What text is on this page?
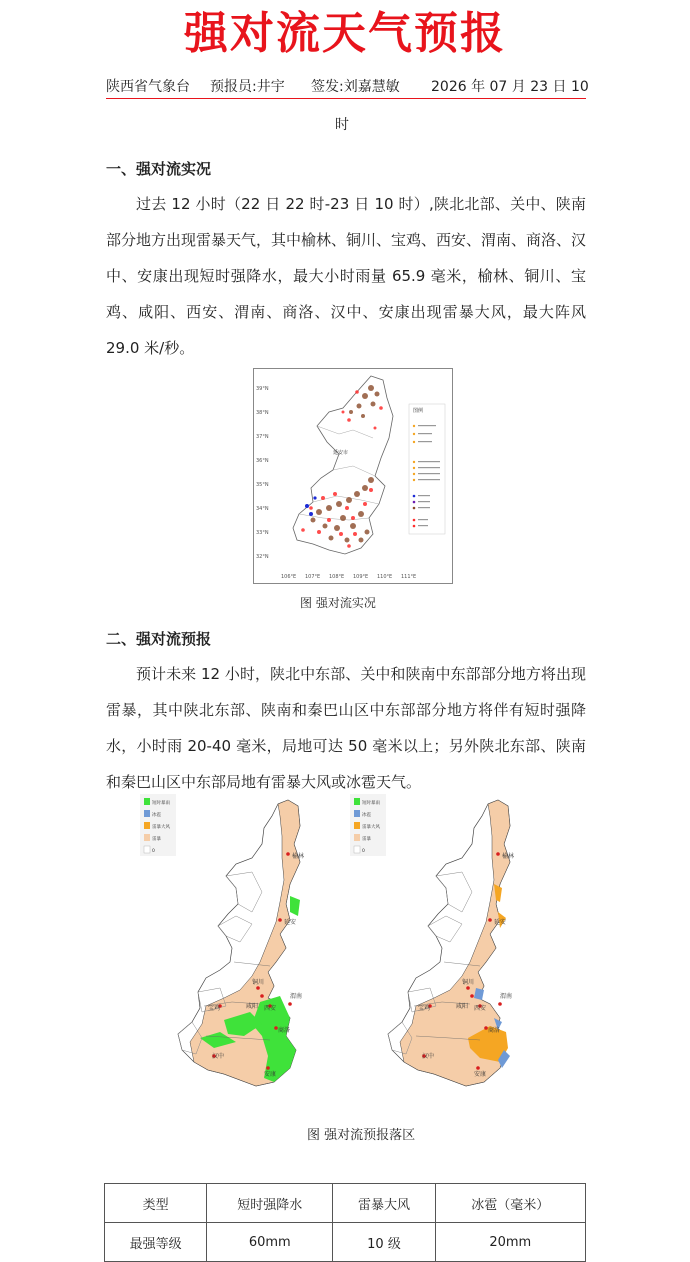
强对流天气预报
陕西省气象台 预报员:井宇 签发:刘嘉慧敏 2026 年 07 月 23 日 10
时
一、强对流实况
过去 12 小时（22 日 22 时-23 日 10 时）,陕北北部、关中、陕南部分地方出现雷暴天气，其中榆林、铜川、宝鸡、西安、渭南、商洛、汉中、安康出现短时强降水，最大小时雨量 65.9 毫米，榆林、铜川、宝鸡、咸阳、西安、渭南、商洛、汉中、安康出现雷暴大风，最大阵风 29.0 米/秒。
39°N
38°N
37°N
36°N
35°N
34°N
33°N
32°N
106°E 107°E 108°E 109°E 110°E 111°E
延安市
图例
图 强对流实况
二、强对流预报
预计未来 12 小时，陕北中东部、关中和陕南中东部部分地方将出现雷暴，其中陕北东部、陕南和秦巴山区中东部部分地方将伴有短时强降水，小时雨 20-40 毫米，局地可达 50 毫米以上；另外陕北东部、陕南和秦巴山区中东部局地有雷暴大风或冰雹天气。
榆林
延安
铜川
宝鸡	咸阳 西安
渭南
商洛
汉中
安康
短时暴雨
冰雹
雷暴大风
雷暴
0
榆林
延安
铜川
宝鸡	咸阳 西安
渭南
商洛
汉中
安康
短时暴雨
冰雹
雷暴大风
雷暴
0
图 强对流预报落区
类型	短时强降水	雷暴大风	冰雹（毫米）
最强等级	60mm	10 级	20mm
